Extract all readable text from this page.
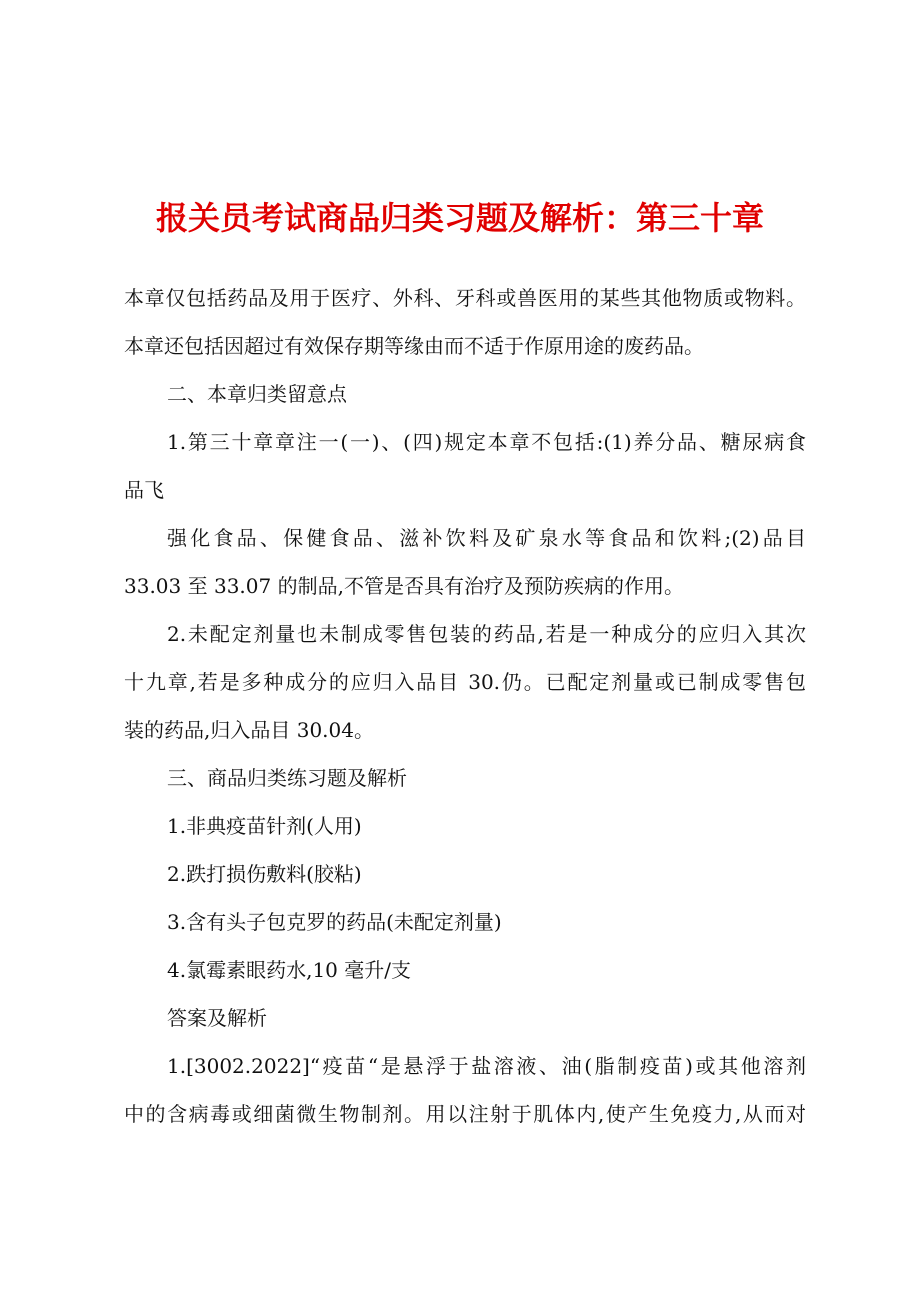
报关员考试商品归类习题及解析：第三十章
本章仅包括药品及用于医疗、外科、牙科或兽医用的某些其他物质或物料。
本章还包括因超过有效保存期等缘由而不适于作原用途的废药品。
二、本章归类留意点
1.第三十章章注一(一)、(四)规定本章不包括:(1)养分品、糖尿病食
品飞
强化食品、保健食品、滋补饮料及矿泉水等食品和饮料;(2)品目
33.03 至 33.07 的制品,不管是否具有治疗及预防疾病的作用。
2.未配定剂量也未制成零售包装的药品,若是一种成分的应归入其次
十九章,若是多种成分的应归入品目 30.仍。已配定剂量或已制成零售包
装的药品,归入品目 30.04。
三、商品归类练习题及解析
1.非典疫苗针剂(人用)
2.跌打损伤敷料(胶粘)
3.含有头子包克罗的药品(未配定剂量)
4.氯霉素眼药水,10 毫升/支
答案及解析
1.[3002.2022]“疫苗“是悬浮于盐溶液、油(脂制疫苗)或其他溶剂
中的含病毒或细菌微生物制剂。用以注射于肌体内,使产生免疫力,从而对
